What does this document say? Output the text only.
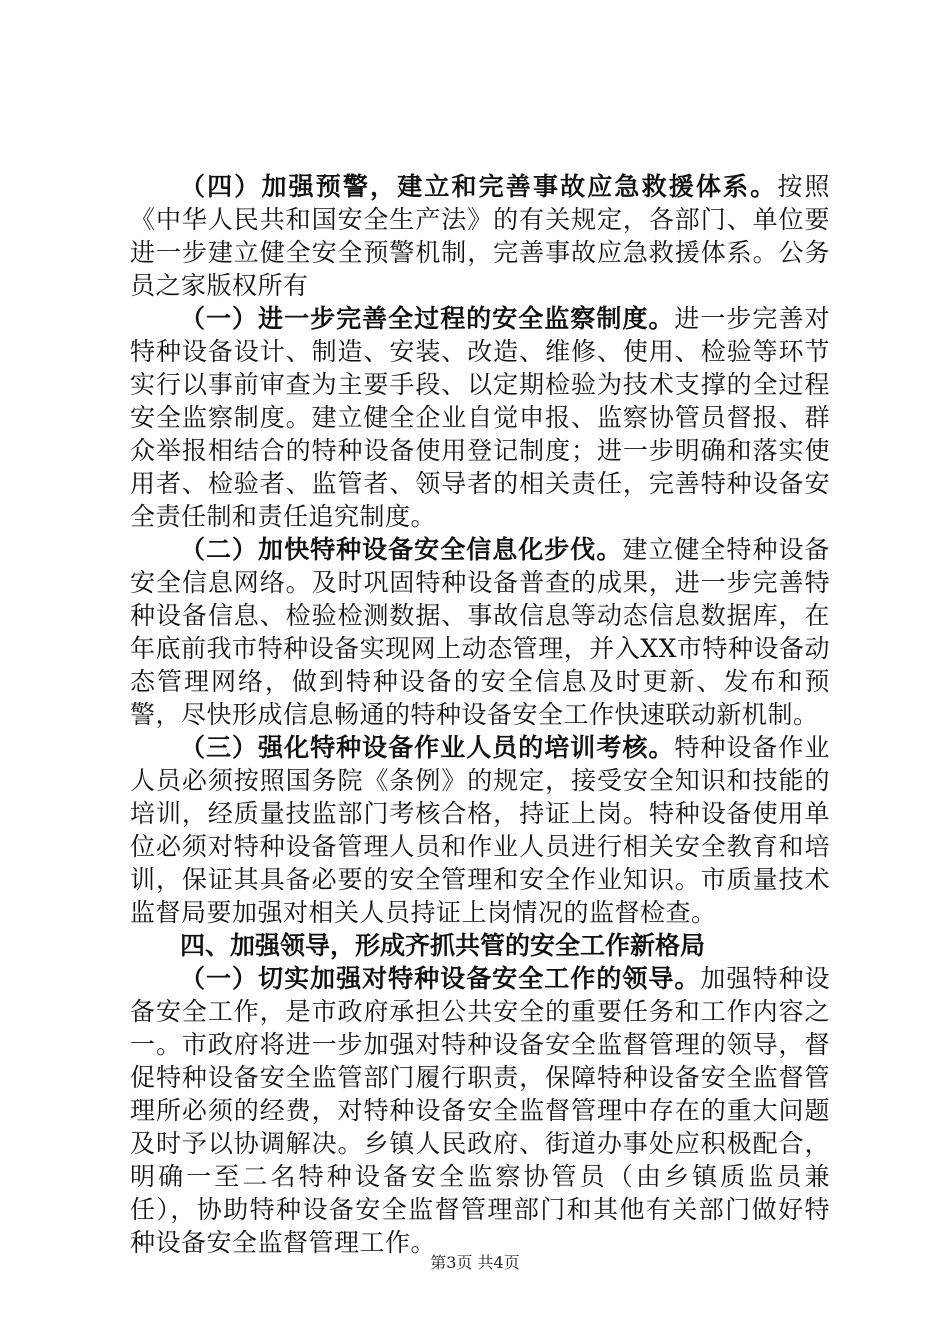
（四）加强预警，建立和完善事故应急救援体系。按照《中华人民共和国安全生产法》的有关规定，各部门、单位要进一步建立健全安全预警机制，完善事故应急救援体系。公务员之家版权所有

（一）进一步完善全过程的安全监察制度。进一步完善对特种设备设计、制造、安装、改造、维修、使用、检验等环节实行以事前审查为主要手段、以定期检验为技术支撑的全过程安全监察制度。建立健全企业自觉申报、监察协管员督报、群众举报相结合的特种设备使用登记制度；进一步明确和落实使用者、检验者、监管者、领导者的相关责任，完善特种设备安全责任制和责任追究制度。

（二）加快特种设备安全信息化步伐。建立健全特种设备安全信息网络。及时巩固特种设备普查的成果，进一步完善特种设备信息、检验检测数据、事故信息等动态信息数据库，在年底前我市特种设备实现网上动态管理，并入XX市特种设备动态管理网络，做到特种设备的安全信息及时更新、发布和预警，尽快形成信息畅通的特种设备安全工作快速联动新机制。

（三）强化特种设备作业人员的培训考核。特种设备作业人员必须按照国务院《条例》的规定，接受安全知识和技能的培训，经质量技监部门考核合格，持证上岗。特种设备使用单位必须对特种设备管理人员和作业人员进行相关安全教育和培训，保证其具备必要的安全管理和安全作业知识。市质量技术监督局要加强对相关人员持证上岗情况的监督检查。

四、加强领导，形成齐抓共管的安全工作新格局

（一）切实加强对特种设备安全工作的领导。加强特种设备安全工作，是市政府承担公共安全的重要任务和工作内容之一。市政府将进一步加强对特种设备安全监督管理的领导，督促特种设备安全监管部门履行职责，保障特种设备安全监督管理所必须的经费，对特种设备安全监督管理中存在的重大问题及时予以协调解决。乡镇人民政府、街道办事处应积极配合，明确一至二名特种设备安全监察协管员（由乡镇质监员兼任），协助特种设备安全监督管理部门和其他有关部门做好特种设备安全监督管理工作。

第3页 共4页
